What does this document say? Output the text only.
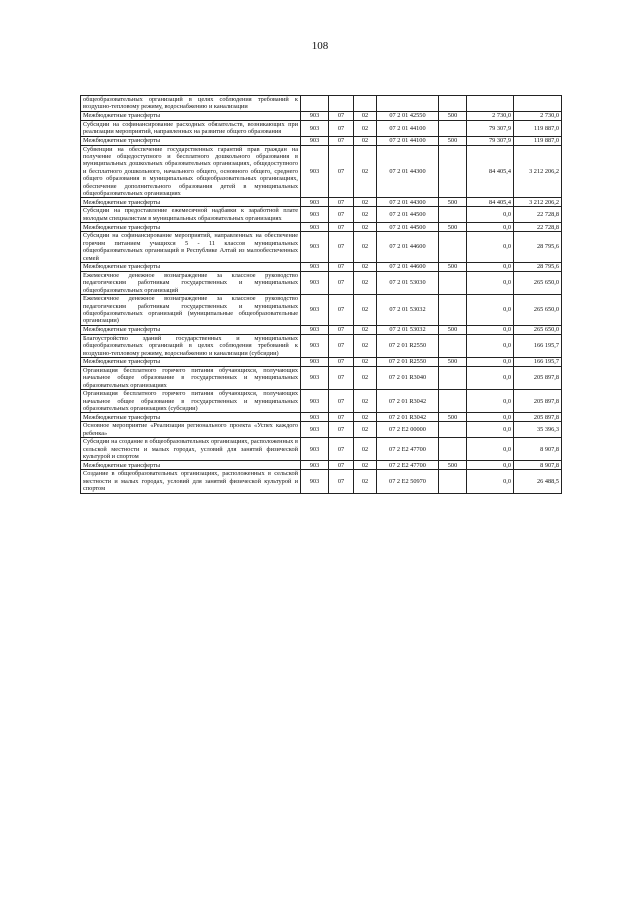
108
общеобразовательных организаций в целях соблюдения требований к воздушно-тепловому режиму, водоснабжению и канализации							
Межбюджетные трансферты	903	07	02	07 2 01 42550	500	2 730,0	2 730,0
Субсидии на софинансирование расходных обязательств, возникающих при реализации мероприятий, направленных на развитие общего образования	903	07	02	07 2 01 44100		79 307,9	119 887,0
Межбюджетные трансферты	903	07	02	07 2 01 44100	500	79 307,9	119 887,0
Субвенции на обеспечение государственных гарантий прав граждан на получение общедоступного и бесплатного дошкольного образования в муниципальных дошкольных образовательных организациях, общедоступного и бесплатного дошкольного, начального общего, основного общего, среднего общего образования в муниципальных общеобразовательных организациях, обеспечение дополнительного образования детей в муниципальных общеобразовательных организациях	903	07	02	07 2 01 44300		84 405,4	3 212 206,2
Межбюджетные трансферты	903	07	02	07 2 01 44300	500	84 405,4	3 212 206,2
Субсидии на предоставление ежемесячной надбавки к заработной плате молодым специалистам в муниципальных образовательных организациях	903	07	02	07 2 01 44500		0,0	22 728,8
Межбюджетные трансферты	903	07	02	07 2 01 44500	500	0,0	22 728,8
Субсидии на софинансирование мероприятий, направленных на обеспечение горячим питанием учащихся 5 - 11 классов муниципальных общеобразовательных организаций в Республике Алтай из малообеспеченных семей	903	07	02	07 2 01 44600		0,0	28 795,6
Межбюджетные трансферты	903	07	02	07 2 01 44600	500	0,0	28 795,6
Ежемесячное денежное вознаграждение за классное руководство педагогическим работникам государственных и муниципальных общеобразовательных организаций	903	07	02	07 2 01 53030		0,0	265 650,0
Ежемесячное денежное вознаграждение за классное руководство педагогическим работникам государственных и муниципальных общеобразовательных организаций (муниципальные общеобразовательные организации)	903	07	02	07 2 01 53032		0,0	265 650,0
Межбюджетные трансферты	903	07	02	07 2 01 53032	500	0,0	265 650,0
Благоустройство зданий государственных и муниципальных общеобразовательных организаций в целях соблюдения требований к воздушно-тепловому режиму, водоснабжению и канализации (субсидии)	903	07	02	07 2 01 R2550		0,0	166 195,7
Межбюджетные трансферты	903	07	02	07 2 01 R2550	500	0,0	166 195,7
Организация бесплатного горячего питания обучающихся, получающих начальное общее образование в государственных и муниципальных образовательных организациях	903	07	02	07 2 01 R3040		0,0	205 897,8
Организация бесплатного горячего питания обучающихся, получающих начальное общее образование в государственных и муниципальных образовательных организациях (субсидии)	903	07	02	07 2 01 R3042		0,0	205 897,8
Межбюджетные трансферты	903	07	02	07 2 01 R3042	500	0,0	205 897,8
Основное мероприятие «Реализация регионального проекта «Успех каждого ребенка»	903	07	02	07 2 E2 00000		0,0	35 396,3
Субсидии на создание в общеобразовательных организациях, расположенных в сельской местности и малых городах, условий для занятий физической культурой и спортом	903	07	02	07 2 E2 47700		0,0	8 907,8
Межбюджетные трансферты	903	07	02	07 2 E2 47700	500	0,0	8 907,8
Создание в общеобразовательных организациях, расположенных в сельской местности и малых городах, условий для занятий физической культурой и спортом	903	07	02	07 2 E2 50970		0,0	26 488,5
